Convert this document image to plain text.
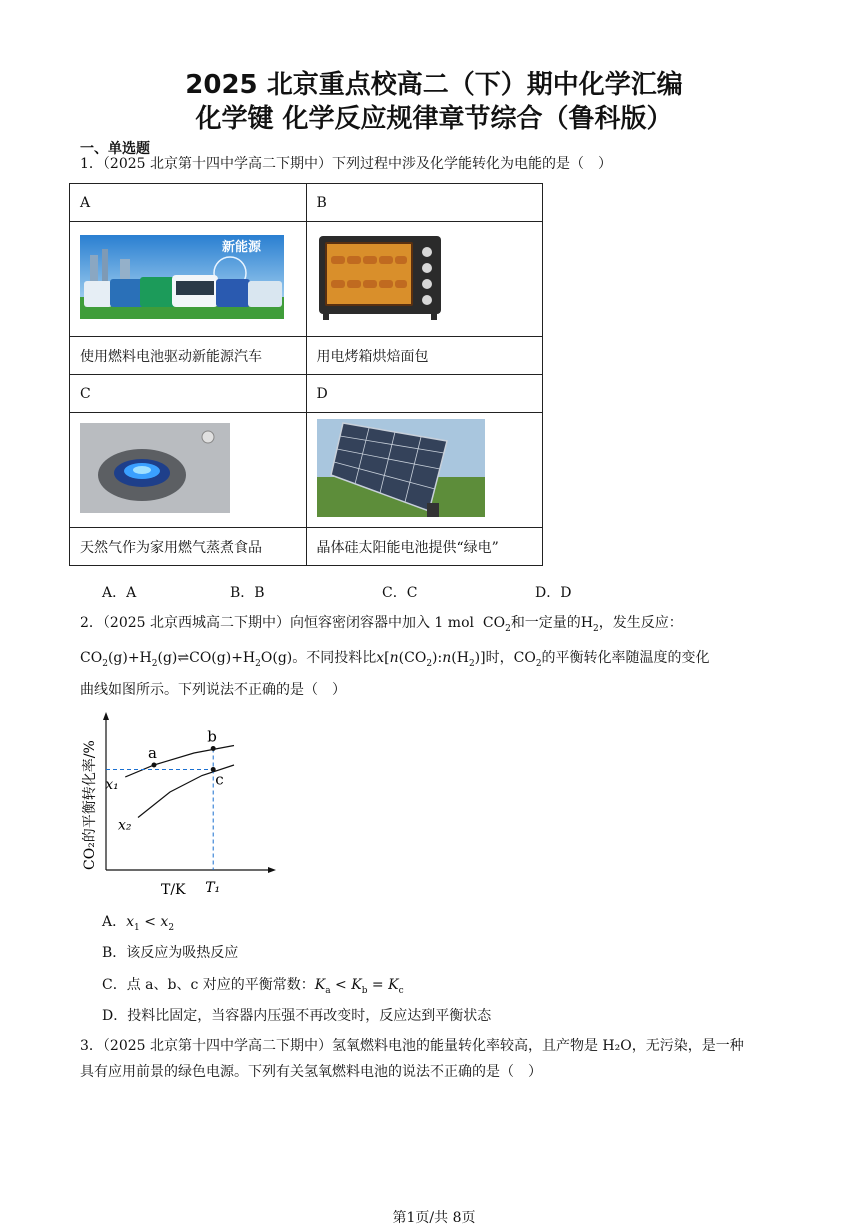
2025 北京重点校高二（下）期中化学汇编
化学键 化学反应规律章节综合（鲁科版）
一、单选题
1．（2025 北京第十四中学高二下期中）下列过程中涉及化学能转化为电能的是（　）
A	B

新能源

使用燃料电池驱动新能源汽车	用电烤箱烘焙面包
C	D

天然气作为家用燃气蒸煮食品	晶体硅太阳能电池提供“绿电”
A．A	B．B	C．C	D．D
2．（2025 北京西城高二下期中）向恒容密闭容器中加入 1 mol  $CO_2$和一定量的$H_2$，发生反应：
$CO_2(g)+H_2(g)\rightleftharpoons CO(g)+H_2O(g)$。不同投料比$x[n(CO_2):n(H_2)]$时，$CO_2$的平衡转化率随温度的变化
曲线如图所示。下列说法不正确的是（　）
x₁
x₂
a
b
c
T/K T₁
CO₂的平衡转化率/%
A．$x_1 < x_2$
B．该反应为吸热反应
C．点 a、b、c 对应的平衡常数：$K_a < K_b = K_c$
D．投料比固定，当容器内压强不再改变时，反应达到平衡状态
3．（2025 北京第十四中学高二下期中）氢氧燃料电池的能量转化率较高，且产物是 H₂O，无污染，是一种
具有应用前景的绿色电源。下列有关氢氧燃料电池的说法不正确的是（　）
第1页/共 8页
